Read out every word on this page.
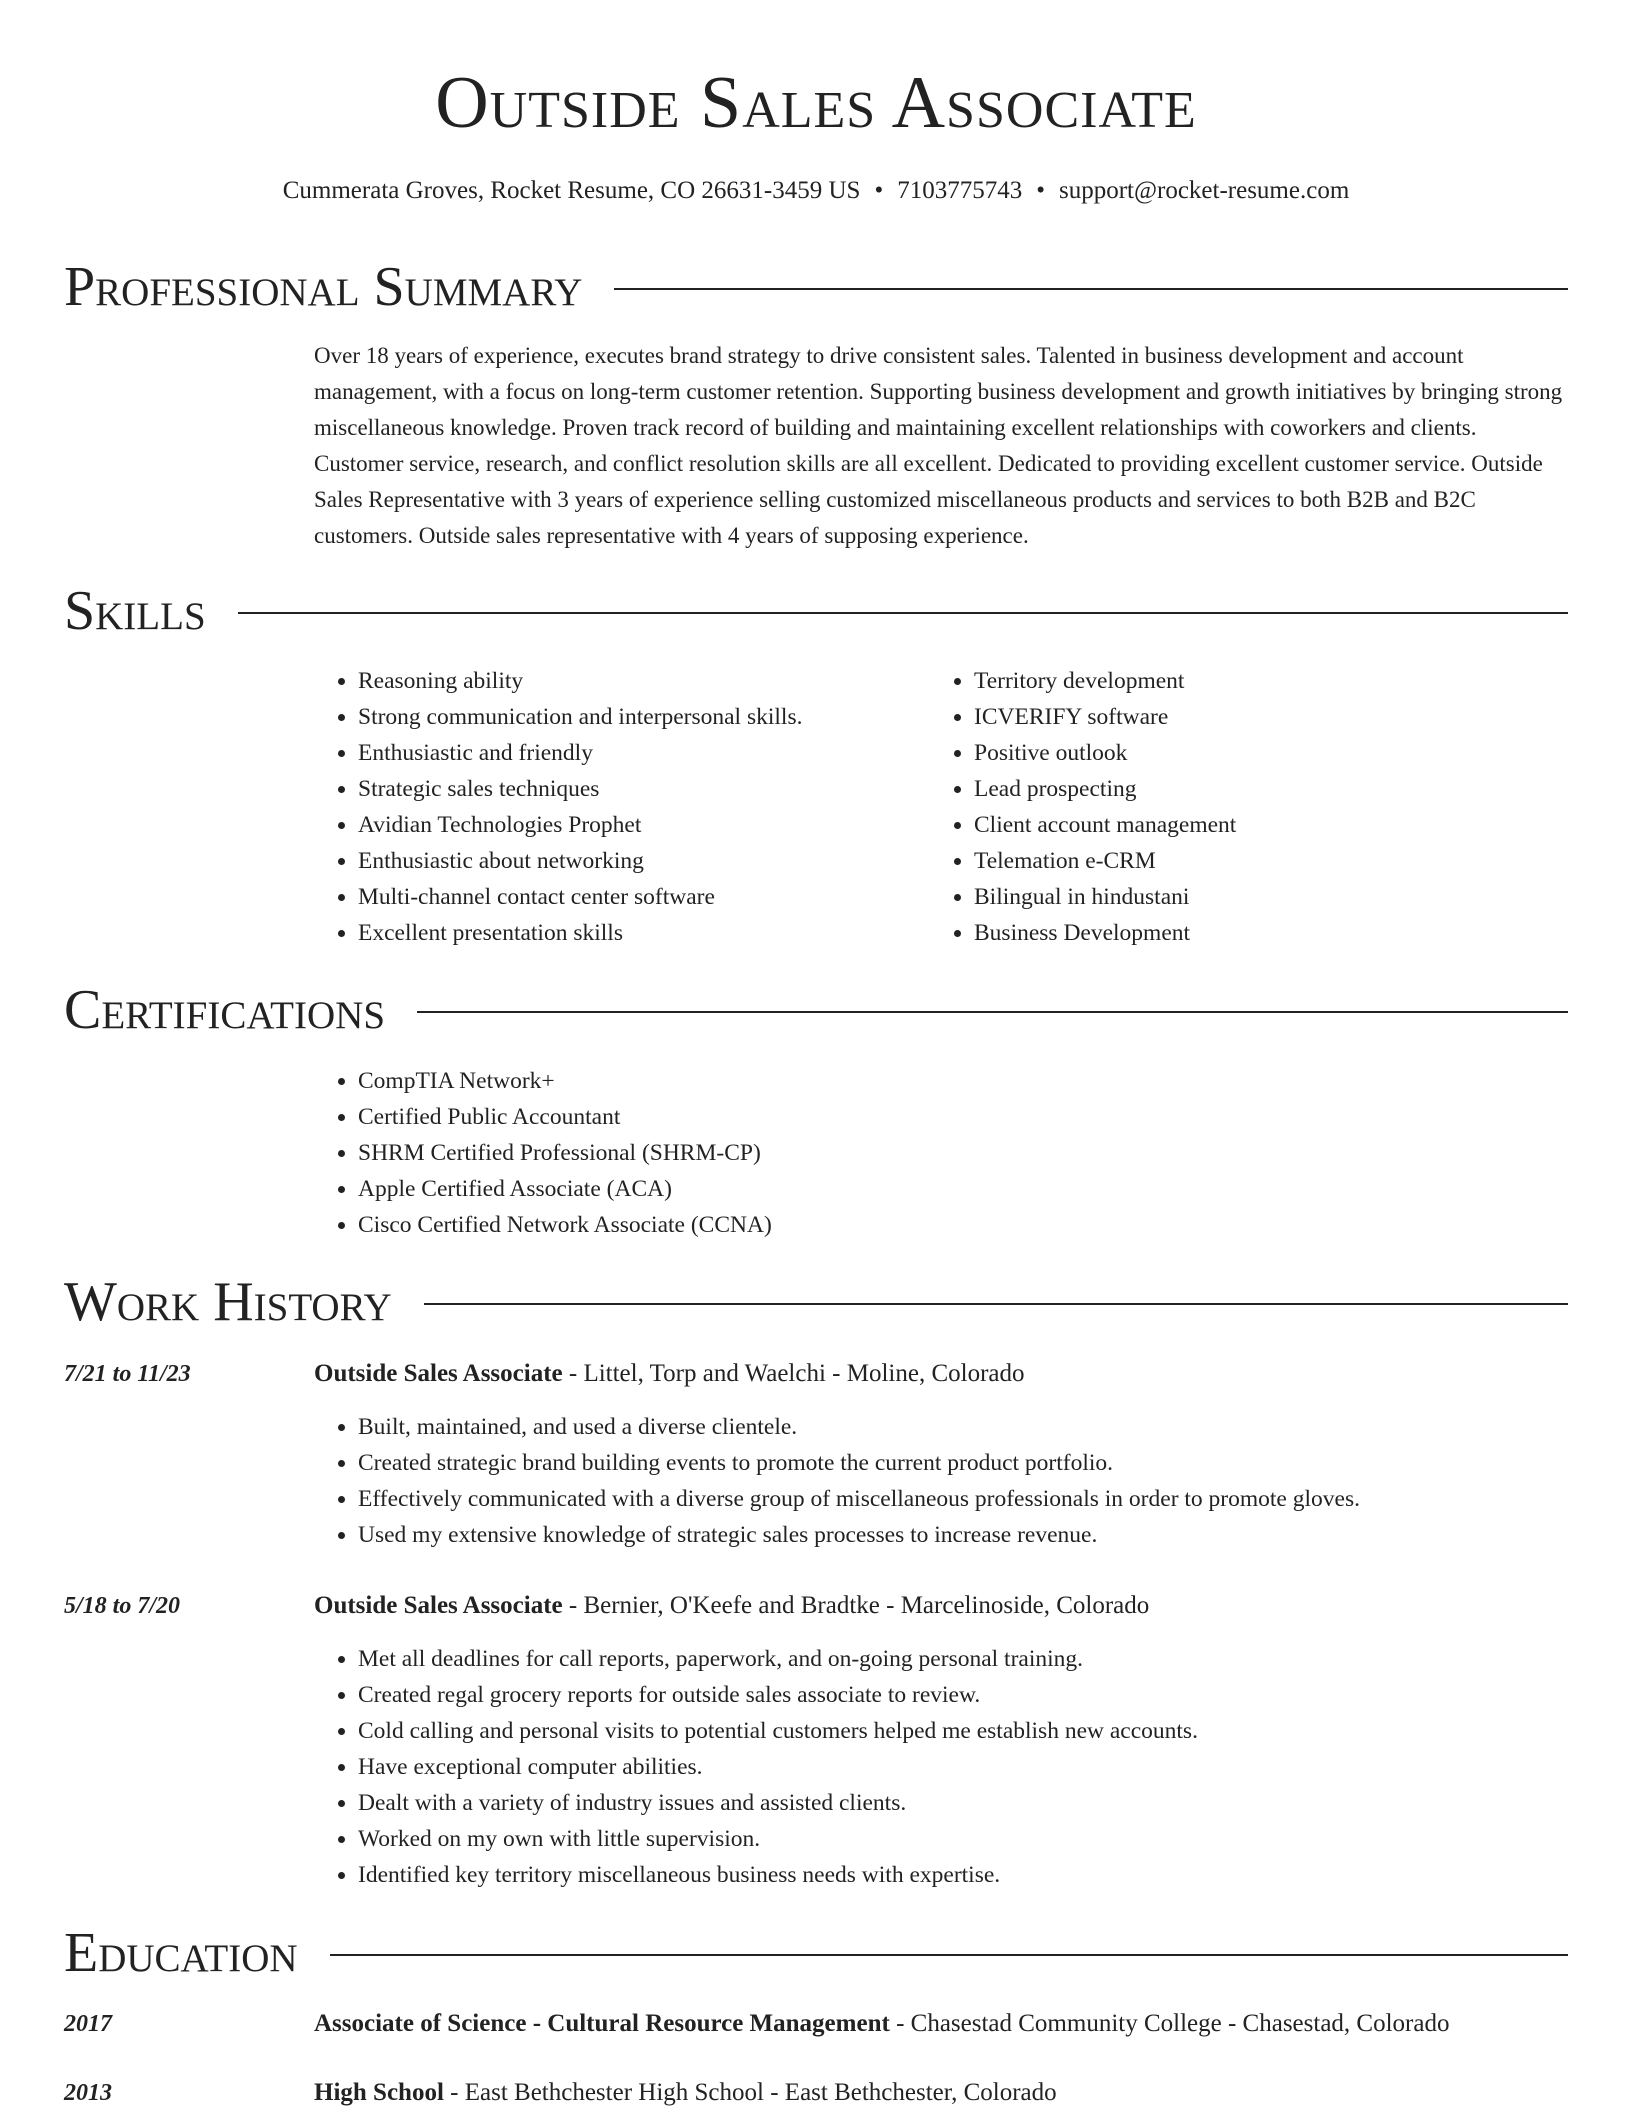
Outside Sales Associate
Cummerata Groves, Rocket Resume, CO 26631-3459 US • 7103775743 • support@rocket-resume.com
Professional Summary

Over 18 years of experience, executes brand strategy to drive consistent sales. Talented in business development and account management, with a focus on long-term customer retention. Supporting business development and growth initiatives by bringing strong miscellaneous knowledge. Proven track record of building and maintaining excellent relationships with coworkers and clients. Customer service, research, and conflict resolution skills are all excellent. Dedicated to providing excellent customer service. Outside Sales Representative with 3 years of experience selling customized miscellaneous products and services to both B2B and B2C customers. Outside sales representative with 4 years of supposing experience.

Skills
• Reasoning ability
• Strong communication and interpersonal skills.
• Enthusiastic and friendly
• Strategic sales techniques
• Avidian Technologies Prophet
• Enthusiastic about networking
• Multi-channel contact center software
• Excellent presentation skills
• Territory development
• ICVERIFY software
• Positive outlook
• Lead prospecting
• Client account management
• Telemation e-CRM
• Bilingual in hindustani
• Business Development
Certifications
• CompTIA Network+
• Certified Public Accountant
• SHRM Certified Professional (SHRM-CP)
• Apple Certified Associate (ACA)
• Cisco Certified Network Associate (CCNA)
Work History
7/21 to 11/23	Outside Sales Associate - Littel, Torp and Waelchi - Moline, Colorado
• Built, maintained, and used a diverse clientele.
• Created strategic brand building events to promote the current product portfolio.
• Effectively communicated with a diverse group of miscellaneous professionals in order to promote gloves.
• Used my extensive knowledge of strategic sales processes to increase revenue.
5/18 to 7/20	Outside Sales Associate - Bernier, O'Keefe and Bradtke - Marcelinoside, Colorado
• Met all deadlines for call reports, paperwork, and on-going personal training.
• Created regal grocery reports for outside sales associate to review.
• Cold calling and personal visits to potential customers helped me establish new accounts.
• Have exceptional computer abilities.
• Dealt with a variety of industry issues and assisted clients.
• Worked on my own with little supervision.
• Identified key territory miscellaneous business needs with expertise.
Education
2017	Associate of Science - Cultural Resource Management - Chasestad Community College - Chasestad, Colorado
2013	High School - East Bethchester High School - East Bethchester, Colorado
